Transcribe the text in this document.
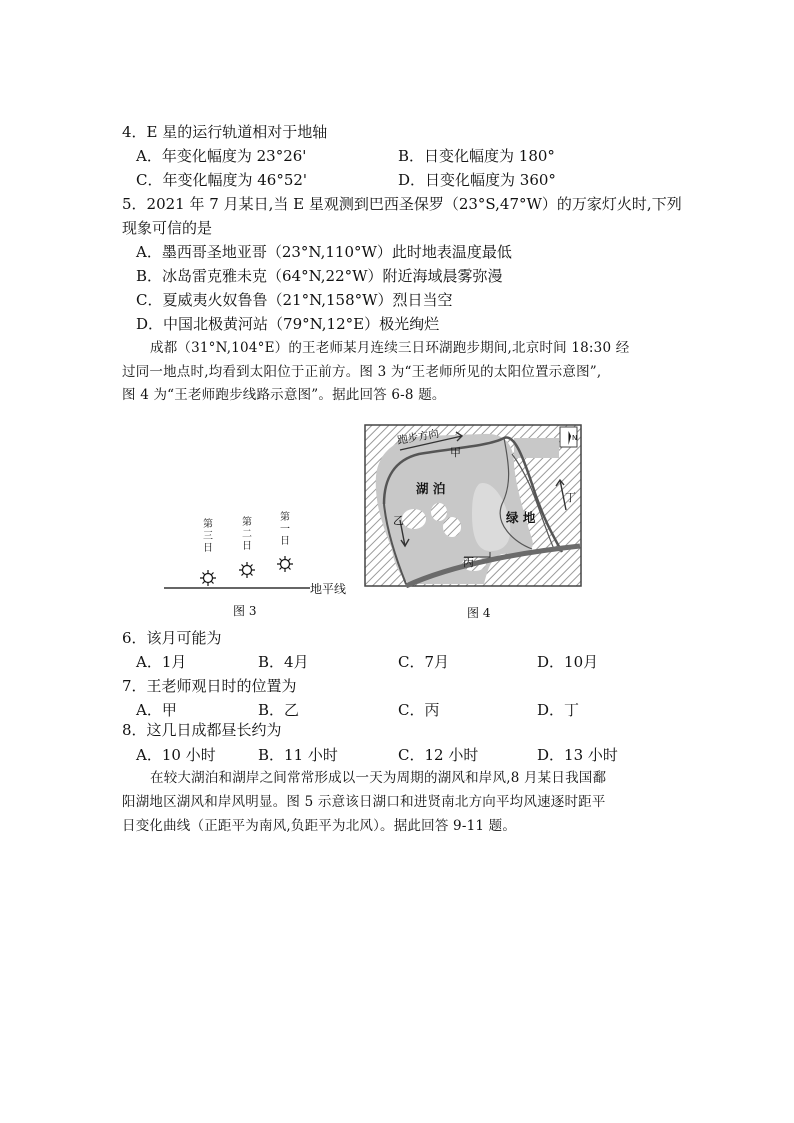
4．E 星的运行轨道相对于地轴
A．年变化幅度为 23°26'	B．日变化幅度为 180°
C．年变化幅度为 46°52'	D．日变化幅度为 360°
5．2021 年 7 月某日,当 E 星观测到巴西圣保罗（23°S,47°W）的万家灯火时,下列
现象可信的是
A．墨西哥圣地亚哥（23°N,110°W）此时地表温度最低
B．冰岛雷克雅未克（64°N,22°W）附近海域晨雾弥漫
C．夏威夷火奴鲁鲁（21°N,158°W）烈日当空
D．中国北极黄河站（79°N,12°E）极光绚烂
成都（31°N,104°E）的王老师某月连续三日环湖跑步期间,北京时间 18:30 经
过同一地点时,均看到太阳位于正前方。图 3 为“王老师所见的太阳位置示意图”,
图 4 为“王老师跑步线路示意图”。据此回答 6-8 题。
地平线
第
三
日
第
二
日
第
一
日
图 3
跑步方向	N
湖 泊
绿 地
甲
乙
丙
丁
图 4
6．该月可能为
A．1月	B．4月	C．7月	D．10月
7．王老师观日时的位置为
A．甲	B．乙	C．丙	D．丁
8．这几日成都昼长约为
A．10 小时	B．11 小时	C．12 小时	D．13 小时
在较大湖泊和湖岸之间常常形成以一天为周期的湖风和岸风,8 月某日我国鄱
阳湖地区湖风和岸风明显。图 5 示意该日湖口和进贤南北方向平均风速逐时距平
日变化曲线（正距平为南风,负距平为北风）。据此回答 9-11 题。
